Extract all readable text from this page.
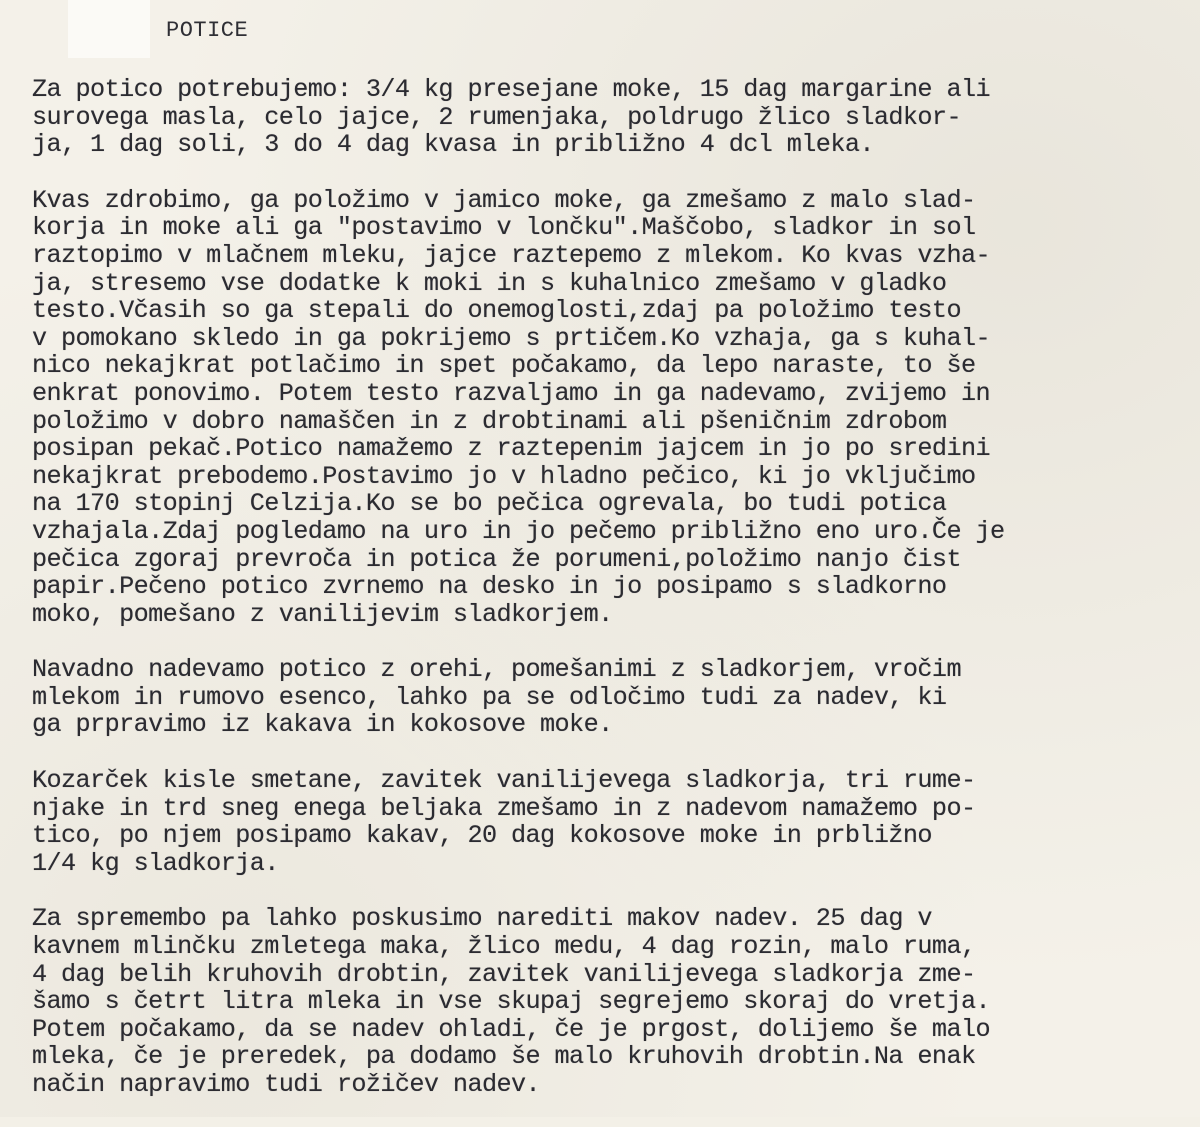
POTICE
Za potico potrebujemo: 3/4 kg presejane moke, 15 dag margarine ali
surovega masla, celo jajce, 2 rumenjaka, poldrugo žlico sladkor-
ja, 1 dag soli, 3 do 4 dag kvasa in približno 4 dcl mleka.
Kvas zdrobimo, ga položimo v jamico moke, ga zmešamo z malo slad-
korja in moke ali ga "postavimo v lončku".Maščobo, sladkor in sol
raztopimo v mlačnem mleku, jajce raztepemo z mlekom. Ko kvas vzha-
ja, stresemo vse dodatke k moki in s kuhalnico zmešamo v gladko
testo.Včasih so ga stepali do onemoglosti,zdaj pa položimo testo
v pomokano skledo in ga pokrijemo s prtičem.Ko vzhaja, ga s kuhal-
nico nekajkrat potlačimo in spet počakamo, da lepo naraste, to še
enkrat ponovimo. Potem testo razvaljamo in ga nadevamo, zvijemo in
položimo v dobro namaščen in z drobtinami ali pšeničnim zdrobom
posipan pekač.Potico namažemo z raztepenim jajcem in jo po sredini
nekajkrat prebodemo.Postavimo jo v hladno pečico, ki jo vključimo
na 170 stopinj Celzija.Ko se bo pečica ogrevala, bo tudi potica
vzhajala.Zdaj pogledamo na uro in jo pečemo približno eno uro.Če je
pečica zgoraj prevroča in potica že porumeni,položimo nanjo čist
papir.Pečeno potico zvrnemo na desko in jo posipamo s sladkorno
moko, pomešano z vanilijevim sladkorjem.
Navadno nadevamo potico z orehi, pomešanimi z sladkorjem, vročim
mlekom in rumovo esenco, lahko pa se odločimo tudi za nadev, ki
ga prpravimo iz kakava in kokosove moke.
Kozarček kisle smetane, zavitek vanilijevega sladkorja, tri rume-
njake in trd sneg enega beljaka zmešamo in z nadevom namažemo po-
tico, po njem posipamo kakav, 20 dag kokosove moke in prbližno
1/4 kg sladkorja.
Za spremembo pa lahko poskusimo narediti makov nadev. 25 dag v
kavnem mlinčku zmletega maka, žlico medu, 4 dag rozin, malo ruma,
4 dag belih kruhovih drobtin, zavitek vanilijevega sladkorja zme-
šamo s četrt litra mleka in vse skupaj segrejemo skoraj do vretja.
Potem počakamo, da se nadev ohladi, če je prgost, dolijemo še malo
mleka, če je preredek, pa dodamo še malo kruhovih drobtin.Na enak
način napravimo tudi rožičev nadev.
